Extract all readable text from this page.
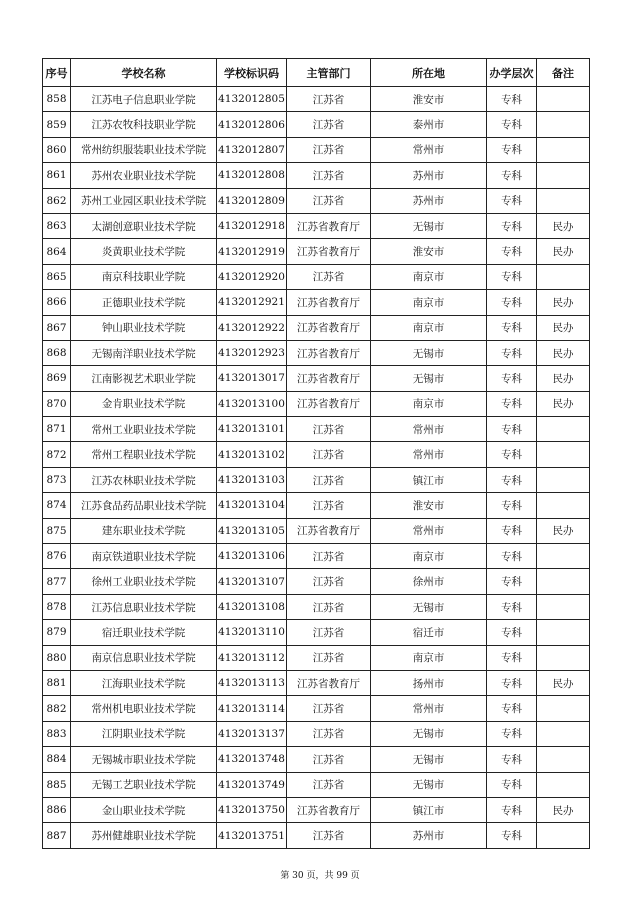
序号	学校名称	学校标识码	主管部门	所在地	办学层次	备注
858	江苏电子信息职业学院	4132012805	江苏省	淮安市	专科	
859	江苏农牧科技职业学院	4132012806	江苏省	泰州市	专科	
860	常州纺织服装职业技术学院	4132012807	江苏省	常州市	专科	
861	苏州农业职业技术学院	4132012808	江苏省	苏州市	专科	
862	苏州工业园区职业技术学院	4132012809	江苏省	苏州市	专科	
863	太湖创意职业技术学院	4132012918	江苏省教育厅	无锡市	专科	民办
864	炎黄职业技术学院	4132012919	江苏省教育厅	淮安市	专科	民办
865	南京科技职业学院	4132012920	江苏省	南京市	专科	
866	正德职业技术学院	4132012921	江苏省教育厅	南京市	专科	民办
867	钟山职业技术学院	4132012922	江苏省教育厅	南京市	专科	民办
868	无锡南洋职业技术学院	4132012923	江苏省教育厅	无锡市	专科	民办
869	江南影视艺术职业学院	4132013017	江苏省教育厅	无锡市	专科	民办
870	金肯职业技术学院	4132013100	江苏省教育厅	南京市	专科	民办
871	常州工业职业技术学院	4132013101	江苏省	常州市	专科	
872	常州工程职业技术学院	4132013102	江苏省	常州市	专科	
873	江苏农林职业技术学院	4132013103	江苏省	镇江市	专科	
874	江苏食品药品职业技术学院	4132013104	江苏省	淮安市	专科	
875	建东职业技术学院	4132013105	江苏省教育厅	常州市	专科	民办
876	南京铁道职业技术学院	4132013106	江苏省	南京市	专科	
877	徐州工业职业技术学院	4132013107	江苏省	徐州市	专科	
878	江苏信息职业技术学院	4132013108	江苏省	无锡市	专科	
879	宿迁职业技术学院	4132013110	江苏省	宿迁市	专科	
880	南京信息职业技术学院	4132013112	江苏省	南京市	专科	
881	江海职业技术学院	4132013113	江苏省教育厅	扬州市	专科	民办
882	常州机电职业技术学院	4132013114	江苏省	常州市	专科	
883	江阴职业技术学院	4132013137	江苏省	无锡市	专科	
884	无锡城市职业技术学院	4132013748	江苏省	无锡市	专科	
885	无锡工艺职业技术学院	4132013749	江苏省	无锡市	专科	
886	金山职业技术学院	4132013750	江苏省教育厅	镇江市	专科	民办
887	苏州健雄职业技术学院	4132013751	江苏省	苏州市	专科	
第 30 页，共 99 页
